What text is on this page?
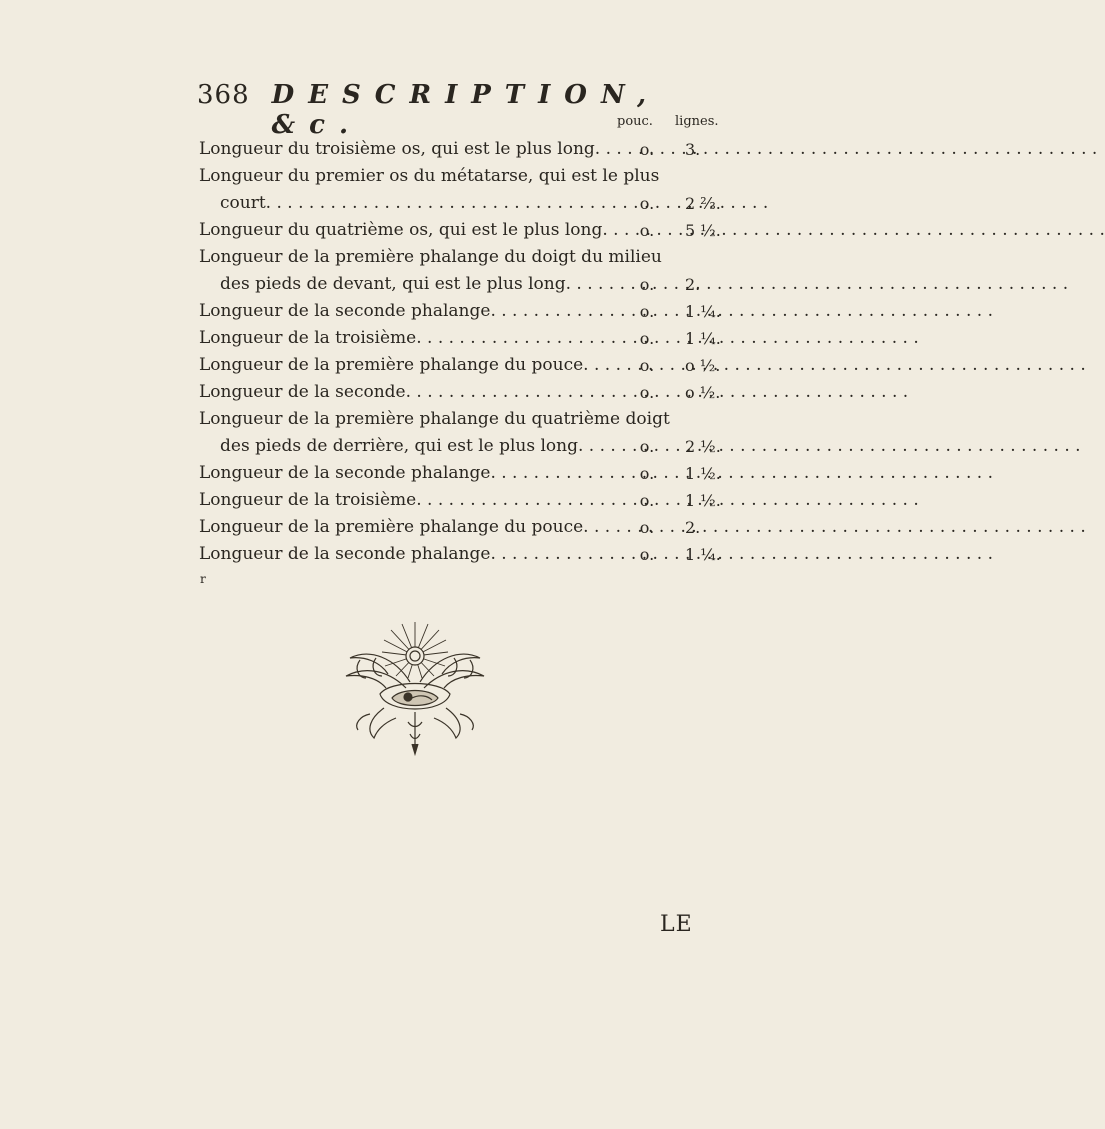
368 DESCRIPTION, &c.	pouc.	lignes.
Longueur du troisième os, qui est le plus long . . .	o.	3.
Longueur du premier os du métatarse, qui est le plus
court . . .	o.	2 ²⁄₃.
Longueur du quatrième os, qui est le plus long . . .	o.	5 ½.
Longueur de la première phalange du doigt du milieu
des pieds de devant, qui est le plus long . . .	o.	2.
Longueur de la seconde phalange . . .	o.	1 ¼.
Longueur de la troisième . . .	o.	1 ¼.
Longueur de la première phalange du pouce . . .	o.	o ½.
Longueur de la seconde . . .	o.	o ½.
Longueur de la première phalange du quatrième doigt
des pieds de derrière, qui est le plus long . . .	o.	2 ½.
Longueur de la seconde phalange . . .	o.	1 ½.
Longueur de la troisième . . .	o.	1 ½.
Longueur de la première phalange du pouce . . .	o.	2.
Longueur de la seconde phalange . . .	o.	1 ¼.
r
LE
